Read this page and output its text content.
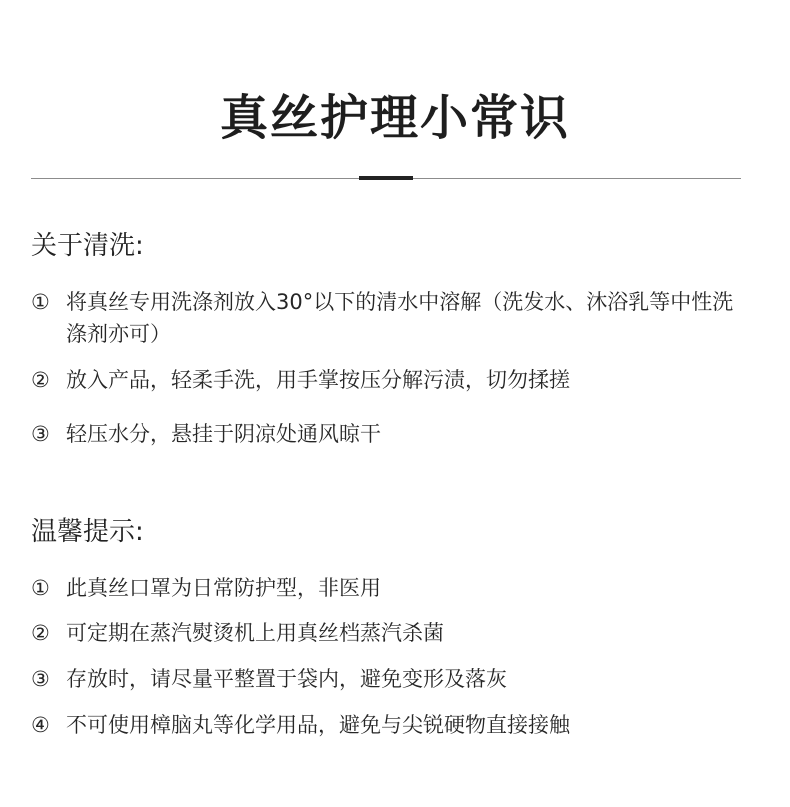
真丝护理小常识
关于清洗:
① 将真丝专用洗涤剂放入30°以下的清水中溶解（洗发水、沐浴乳等中性洗涤剂亦可）
② 放入产品，轻柔手洗，用手掌按压分解污渍，切勿揉搓
③ 轻压水分，悬挂于阴凉处通风晾干
温馨提示:
① 此真丝口罩为日常防护型，非医用
② 可定期在蒸汽熨烫机上用真丝档蒸汽杀菌
③ 存放时，请尽量平整置于袋内，避免变形及落灰
④ 不可使用樟脑丸等化学用品，避免与尖锐硬物直接接触
